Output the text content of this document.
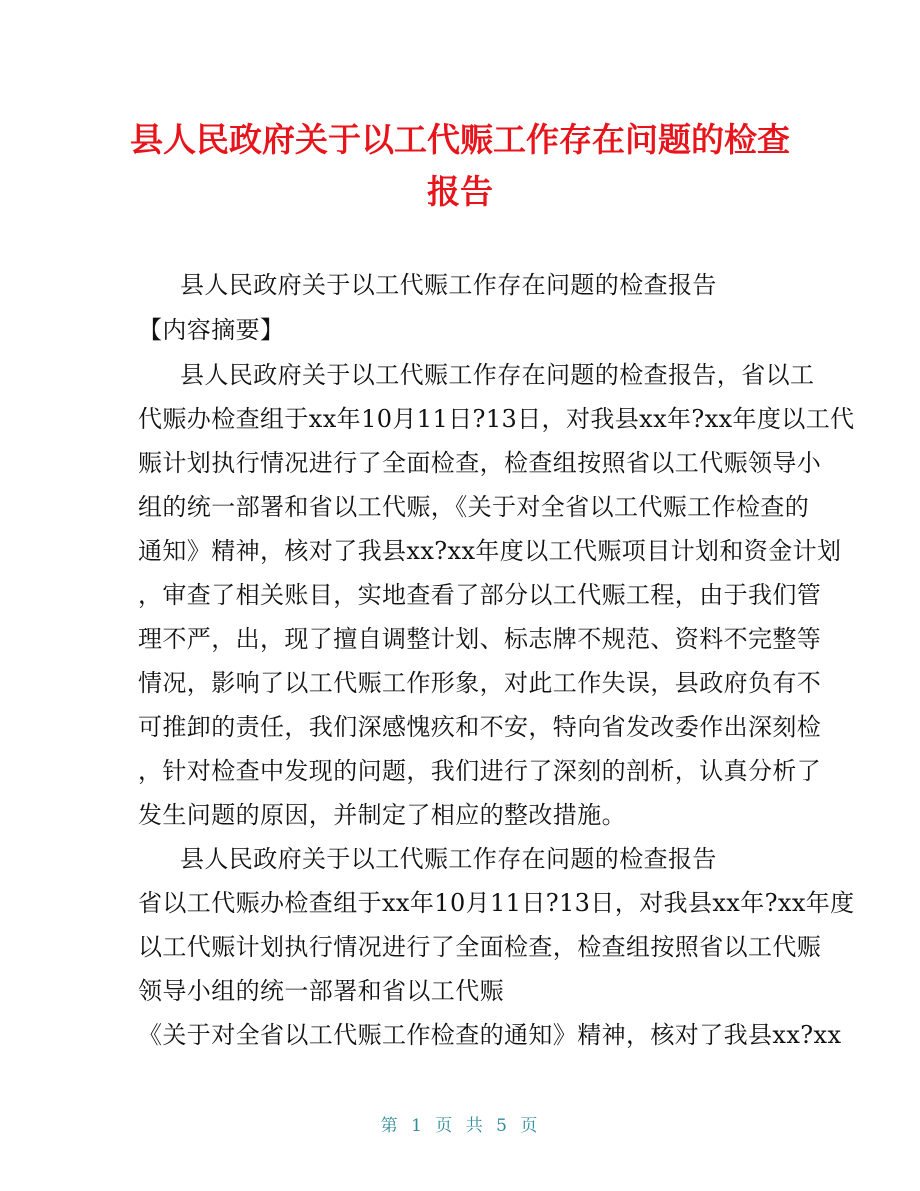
县人民政府关于以工代赈工作存在问题的检查
报告
县人民政府关于以工代赈工作存在问题的检查报告
【内容摘要】
县人民政府关于以工代赈工作存在问题的检查报告，省以工
代赈办检查组于xx年10月11日?13日，对我县xx年?xx年度以工代
赈计划执行情况进行了全面检查，检查组按照省以工代赈领导小
组的统一部署和省以工代赈，《关于对全省以工代赈工作检查的
通知》精神，核对了我县xx?xx年度以工代赈项目计划和资金计划
，审查了相关账目，实地查看了部分以工代赈工程，由于我们管
理不严，出，现了擅自调整计划、标志牌不规范、资料不完整等
情况，影响了以工代赈工作形象，对此工作失误，县政府负有不
可推卸的责任，我们深感愧疚和不安，特向省发改委作出深刻检
，针对检查中发现的问题，我们进行了深刻的剖析，认真分析了
发生问题的原因，并制定了相应的整改措施。
县人民政府关于以工代赈工作存在问题的检查报告
省以工代赈办检查组于xx年10月11日?13日，对我县xx年?xx年度
以工代赈计划执行情况进行了全面检查，检查组按照省以工代赈
领导小组的统一部署和省以工代赈
《关于对全省以工代赈工作检查的通知》精神，核对了我县xx?xx
第 1 页 共 5 页
